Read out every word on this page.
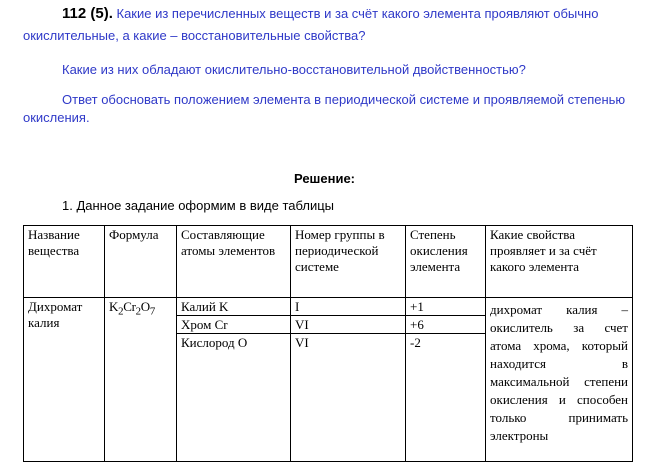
112 (5). Какие из перечисленных веществ и за счёт какого элемента проявляют обычно
окислительные, а какие – восстановительные свойства?
Какие из них обладают окислительно-восстановительной двойственностью?
Ответ обосновать положением элемента в периодической системе и проявляемой степенью
окисления.
Решение:
1. Данное задание оформим в виде таблицы
Название вещества	Формула	Составляющие атомы элементов	Номер группы в периодической системе	Степень окисления элемента	Какие свойства проявляет и за счёт какого элемента
Дихромат калия	$K_2Cr_2O_7$	Калий K	I	+1	дихромат калия – окислитель за счет атома хрома, который находится в максимальной степени окисления и способен только принимать электроны
		Хром Cr	VI	+6	
		Кислород O	VI	-2	
